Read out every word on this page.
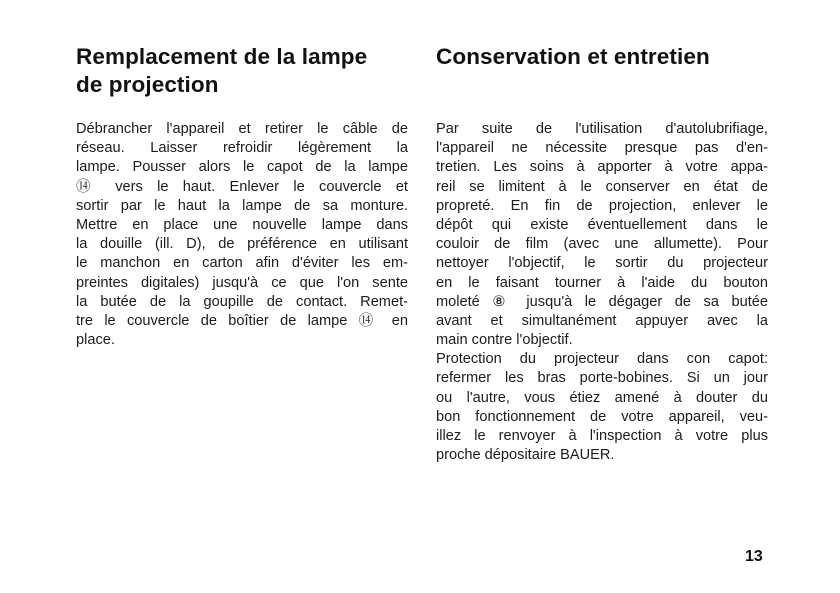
Remplacement de la lampe
de projection
Débrancher l'appareil et retirer le câble de
réseau. Laisser refroidir légèrement la
lampe. Pousser alors le capot de la lampe
⑭ vers le haut. Enlever le couvercle et
sortir par le haut la lampe de sa monture.
Mettre en place une nouvelle lampe dans
la douille (ill. D), de préférence en utilisant
le manchon en carton afin d'éviter les em-
preintes digitales) jusqu'à ce que l'on sente
la butée de la goupille de contact. Remet-
tre le couvercle de boîtier de lampe ⑭ en
place.
Conservation et entretien
Par suite de l'utilisation d'autolubrifiage,
l'appareil ne nécessite presque pas d'en-
tretien. Les soins à apporter à votre appa-
reil se limitent à le conserver en état de
propreté. En fin de projection, enlever le
dépôt qui existe éventuellement dans le
couloir de film (avec une allumette). Pour
nettoyer l'objectif, le sortir du projecteur
en le faisant tourner à l'aide du bouton
moleté ⑧ jusqu'à le dégager de sa butée
avant et simultanément appuyer avec la
main contre l'objectif.
Protection du projecteur dans con capot:
refermer les bras porte-bobines. Si un jour
ou l'autre, vous étiez amené à douter du
bon fonctionnement de votre appareil, veu-
illez le renvoyer à l'inspection à votre plus
proche dépositaire BAUER.
13
